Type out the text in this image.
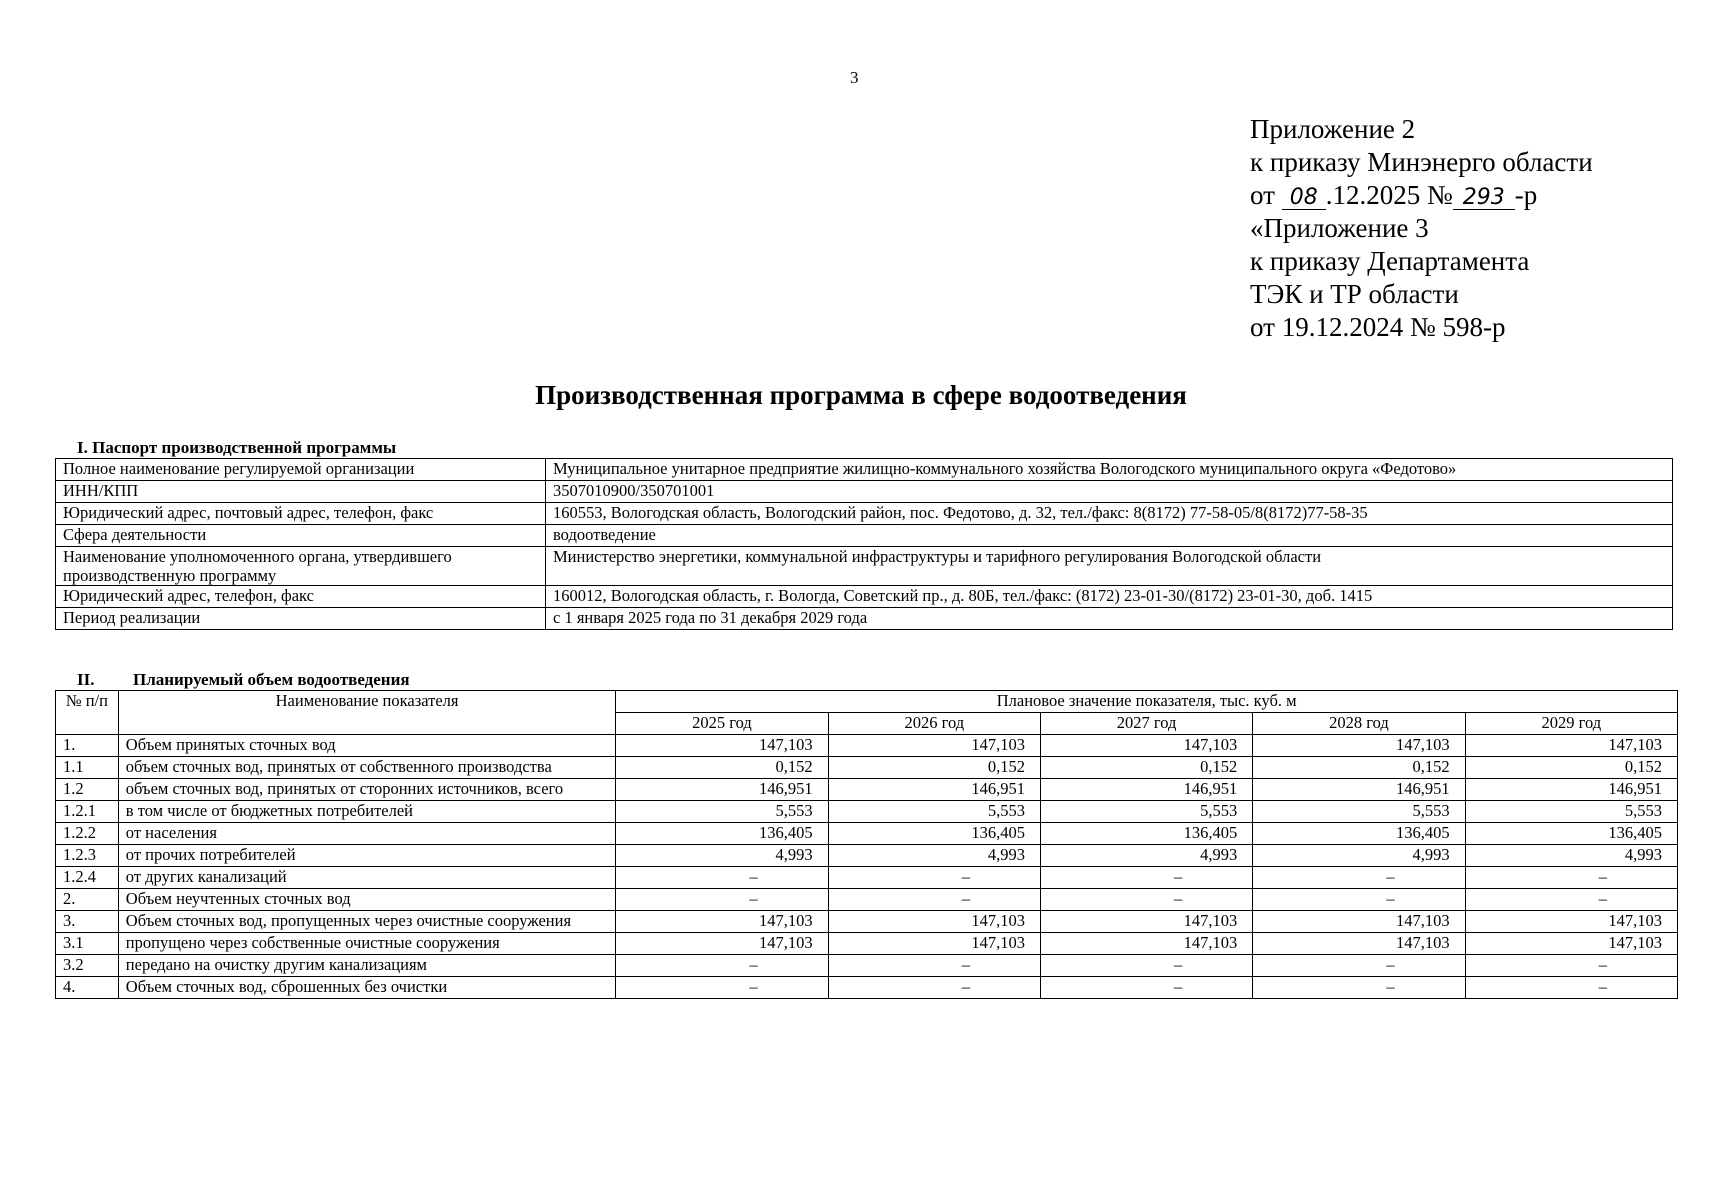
3
Приложение 2
к приказу Минэнерго области
от 08 .12.2025 № 293 -р
«Приложение 3
к приказу Департамента
ТЭК и ТР области
от 19.12.2024 № 598-р
Производственная программа в сфере водоотведения
I. Паспорт производственной программы
Полное наименование регулируемой организации	Муниципальное унитарное предприятие жилищно-коммунального хозяйства Вологодского муниципального округа «Федотово»
ИНН/КПП	3507010900/350701001
Юридический адрес, почтовый адрес, телефон, факс	160553, Вологодская область, Вологодский район, пос. Федотово, д. 32, тел./факс: 8(8172) 77-58-05/8(8172)77-58-35
Сфера деятельности	водоотведение
Наименование уполномоченного органа, утвердившего производственную программу	Министерство энергетики, коммунальной инфраструктуры и тарифного регулирования Вологодской области
Юридический адрес, телефон, факс	160012, Вологодская область, г. Вологда, Советский пр., д. 80Б, тел./факс: (8172) 23-01-30/(8172) 23-01-30, доб. 1415
Период реализации	с 1 января 2025 года по 31 декабря 2029 года
II. Планируемый объем водоотведения
№ п/п	Наименование показателя	Плановое значение показателя, тыс. куб. м				
		2025 год	2026 год	2027 год	2028 год	2029 год
1.	Объем принятых сточных вод	147,103	147,103	147,103	147,103	147,103
1.1	объем сточных вод, принятых от собственного производства	0,152	0,152	0,152	0,152	0,152
1.2	объем сточных вод, принятых от сторонних источников, всего	146,951	146,951	146,951	146,951	146,951
1.2.1	в том числе от бюджетных потребителей	5,553	5,553	5,553	5,553	5,553
1.2.2	от населения	136,405	136,405	136,405	136,405	136,405
1.2.3	от прочих потребителей	4,993	4,993	4,993	4,993	4,993
1.2.4	от других канализаций	–	–	–	–	–
2.	Объем неучтенных сточных вод	–	–	–	–	–
3.	Объем сточных вод, пропущенных через очистные сооружения	147,103	147,103	147,103	147,103	147,103
3.1	пропущено через собственные очистные сооружения	147,103	147,103	147,103	147,103	147,103
3.2	передано на очистку другим канализациям	–	–	–	–	–
4.	Объем сточных вод, сброшенных без очистки	–	–	–	–	–
